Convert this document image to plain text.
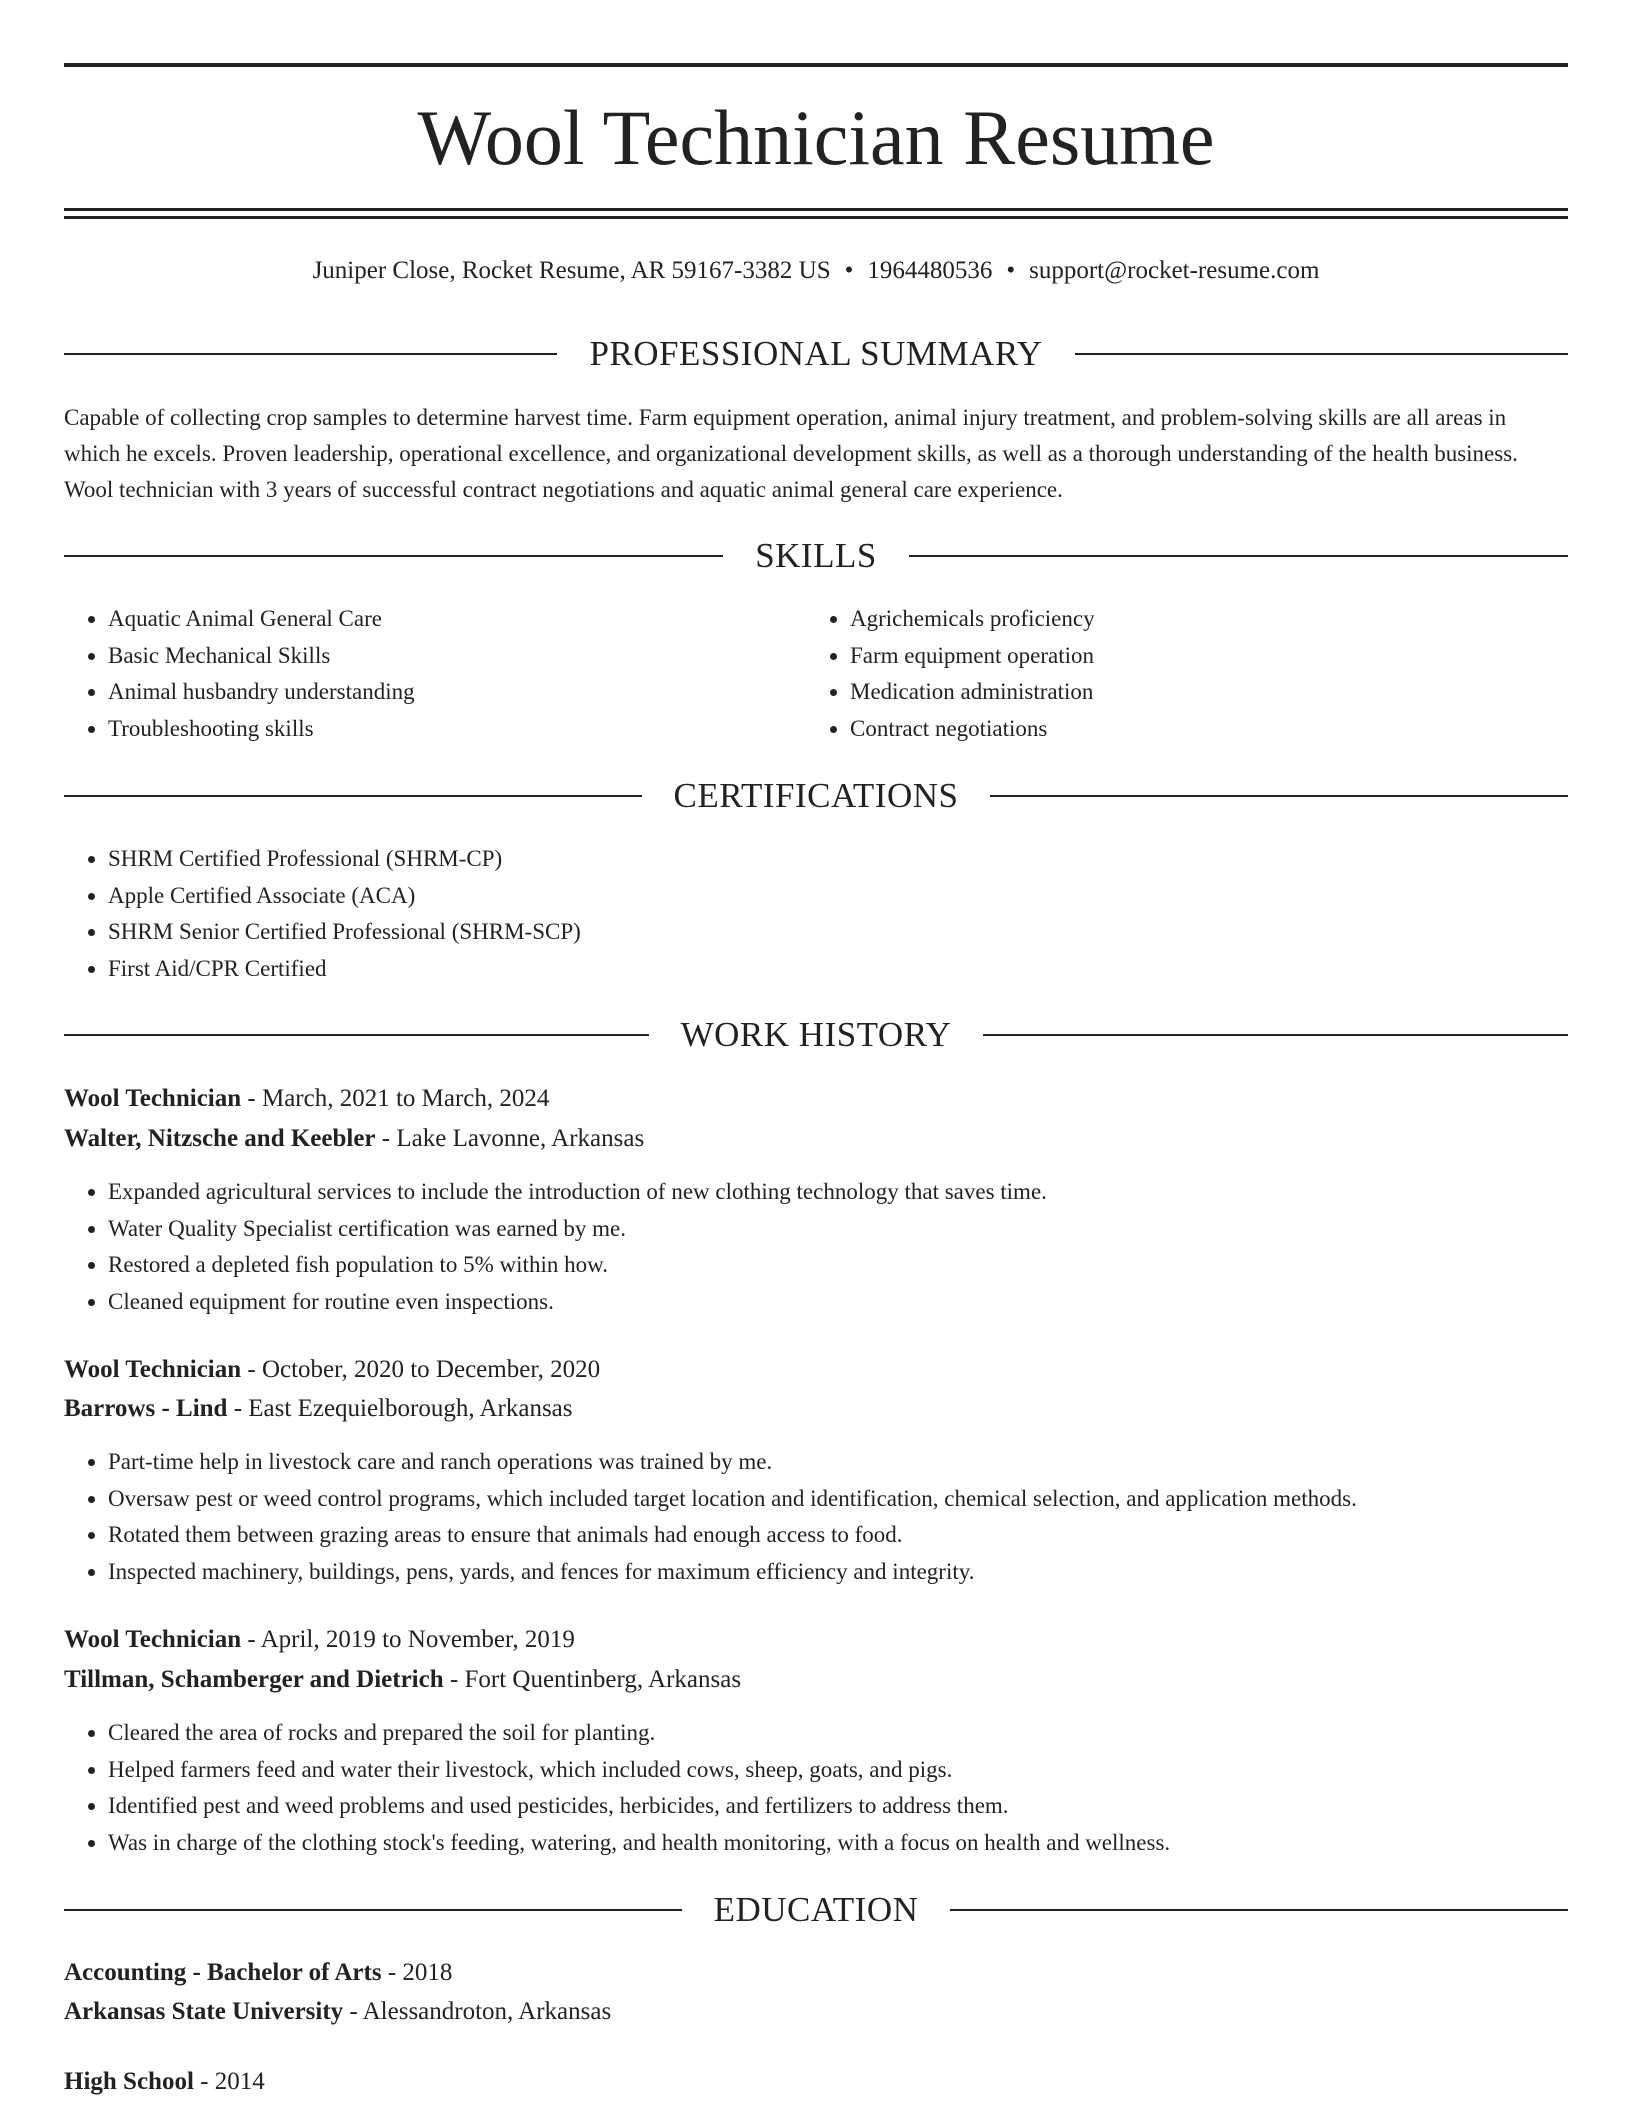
Wool Technician Resume
Juniper Close, Rocket Resume, AR 59167-3382 US • 1964480536 • support@rocket-resume.com
PROFESSIONAL SUMMARY
Capable of collecting crop samples to determine harvest time. Farm equipment operation, animal injury treatment, and problem-solving skills are all areas in which he excels. Proven leadership, operational excellence, and organizational development skills, as well as a thorough understanding of the health business. Wool technician with 3 years of successful contract negotiations and aquatic animal general care experience.
SKILLS
• Aquatic Animal General Care
• Basic Mechanical Skills
• Animal husbandry understanding
• Troubleshooting skills
• Agrichemicals proficiency
• Farm equipment operation
• Medication administration
• Contract negotiations
CERTIFICATIONS
• SHRM Certified Professional (SHRM-CP)
• Apple Certified Associate (ACA)
• SHRM Senior Certified Professional (SHRM-SCP)
• First Aid/CPR Certified
WORK HISTORY
Wool Technician - March, 2021 to March, 2024
Walter, Nitzsche and Keebler - Lake Lavonne, Arkansas
• Expanded agricultural services to include the introduction of new clothing technology that saves time.
• Water Quality Specialist certification was earned by me.
• Restored a depleted fish population to 5% within how.
• Cleaned equipment for routine even inspections.
Wool Technician - October, 2020 to December, 2020
Barrows - Lind - East Ezequielborough, Arkansas
• Part-time help in livestock care and ranch operations was trained by me.
• Oversaw pest or weed control programs, which included target location and identification, chemical selection, and application methods.
• Rotated them between grazing areas to ensure that animals had enough access to food.
• Inspected machinery, buildings, pens, yards, and fences for maximum efficiency and integrity.
Wool Technician - April, 2019 to November, 2019
Tillman, Schamberger and Dietrich - Fort Quentinberg, Arkansas
• Cleared the area of rocks and prepared the soil for planting.
• Helped farmers feed and water their livestock, which included cows, sheep, goats, and pigs.
• Identified pest and weed problems and used pesticides, herbicides, and fertilizers to address them.
• Was in charge of the clothing stock's feeding, watering, and health monitoring, with a focus on health and wellness.
EDUCATION
Accounting - Bachelor of Arts - 2018
Arkansas State University - Alessandroton, Arkansas
High School - 2014
